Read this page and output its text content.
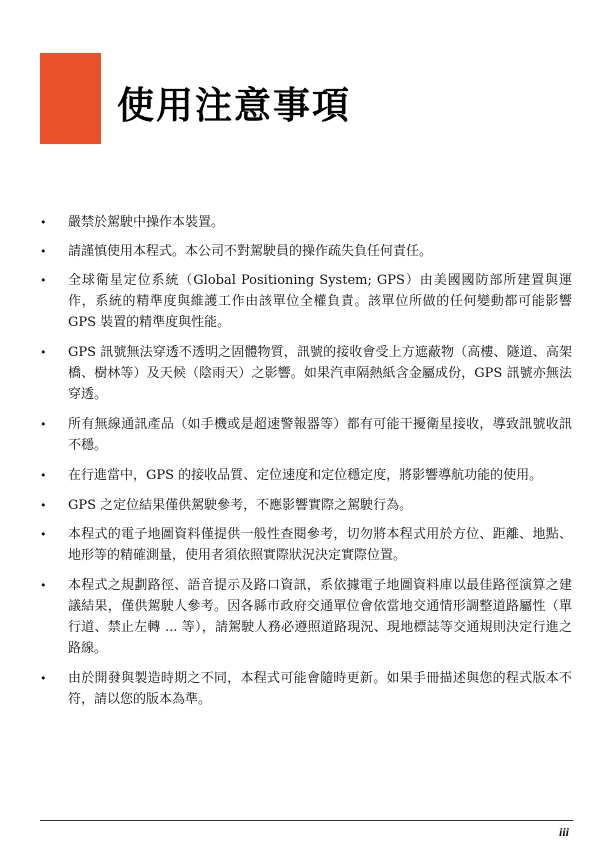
使用注意事項
• 嚴禁於駕駛中操作本裝置。
• 請謹慎使用本程式。本公司不對駕駛員的操作疏失負任何責任。
• 全球衛星定位系統（Global Positioning System; GPS）由美國國防部所建置與運作，系統的精準度與維護工作由該單位全權負責。該單位所做的任何變動都可能影響 GPS 裝置的精準度與性能。
• GPS 訊號無法穿透不透明之固體物質，訊號的接收會受上方遮蔽物（高樓、隧道、高架橋、樹林等）及天候（陰雨天）之影響。如果汽車隔熱紙含金屬成份，GPS 訊號亦無法穿透。
• 所有無線通訊產品（如手機或是超速警報器等）都有可能干擾衛星接收，導致訊號收訊不穩。
• 在行進當中，GPS 的接收品質、定位速度和定位穩定度，將影響導航功能的使用。
• GPS 之定位結果僅供駕駛參考，不應影響實際之駕駛行為。
• 本程式的電子地圖資料僅提供一般性查閱參考，切勿將本程式用於方位、距離、地點、地形等的精確測量，使用者須依照實際狀況決定實際位置。
• 本程式之規劃路徑、語音提示及路口資訊，系依據電子地圖資料庫以最佳路徑演算之建議結果，僅供駕駛人參考。因各縣市政府交通單位會依當地交通情形調整道路屬性（單行道、禁止左轉 ... 等），請駕駛人務必遵照道路現況、現地標誌等交通規則決定行進之路線。
• 由於開發與製造時期之不同，本程式可能會隨時更新。如果手冊描述與您的程式版本不符，請以您的版本為準。
iii
